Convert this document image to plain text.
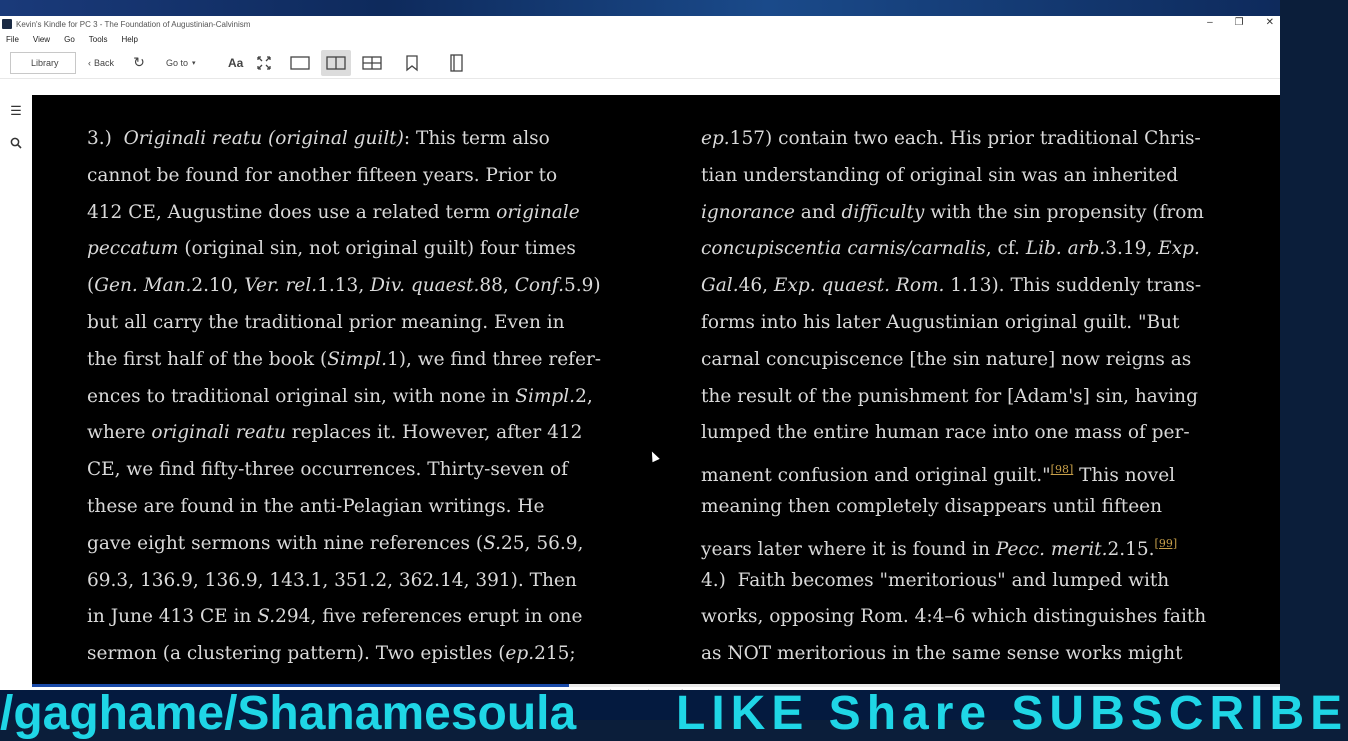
Kevin's Kindle for PC 3 - The Foundation of Augustinian-Calvinism	– ❐ ✕
File View Go Tools Help
Library	‹ Back ↻ Go to ▾	Aa
☰
3.)  Originali reatu (original guilt): This term also
cannot be found for another fifteen years. Prior to
412 CE, Augustine does use a related term originale
peccatum (original sin, not original guilt) four times
(Gen. Man.2.10, Ver. rel.1.13, Div. quaest.88, Conf.5.9)
but all carry the traditional prior meaning. Even in
the first half of the book (Simpl.1), we find three refer-
ences to traditional original sin, with none in Simpl.2,
where originali reatu replaces it. However, after 412
CE, we find fifty-three occurrences. Thirty-seven of
these are found in the anti-Pelagian writings. He
gave eight sermons with nine references (S.25, 56.9,
69.3, 136.9, 136.9, 143.1, 351.2, 362.14, 391). Then
in June 413 CE in S.294, five references erupt in one
sermon (a clustering pattern). Two epistles (ep.215;
ep.157) contain two each. His prior traditional Chris-
tian understanding of original sin was an inherited
ignorance and difficulty with the sin propensity (from
concupiscentia carnis/carnalis, cf. Lib. arb.3.19, Exp.
Gal.46, Exp. quaest. Rom. 1.13). This suddenly trans-
forms into his later Augustinian original guilt. "But
carnal concupiscence [the sin nature] now reigns as
the result of the punishment for [Adam's] sin, having
lumped the entire human race into one mass of per-
manent confusion and original guilt."[98] This novel
meaning then completely disappears until fifteen
years later where it is found in Pecc. merit.2.15.[99]
4.)  Faith becomes "meritorious" and lumped with
works, opposing Rom. 4:4–6 which distinguishes faith
as NOT meritorious in the same sense works might
/gaghame/Shanamesoula LIKE Share SUBSCRIBE
